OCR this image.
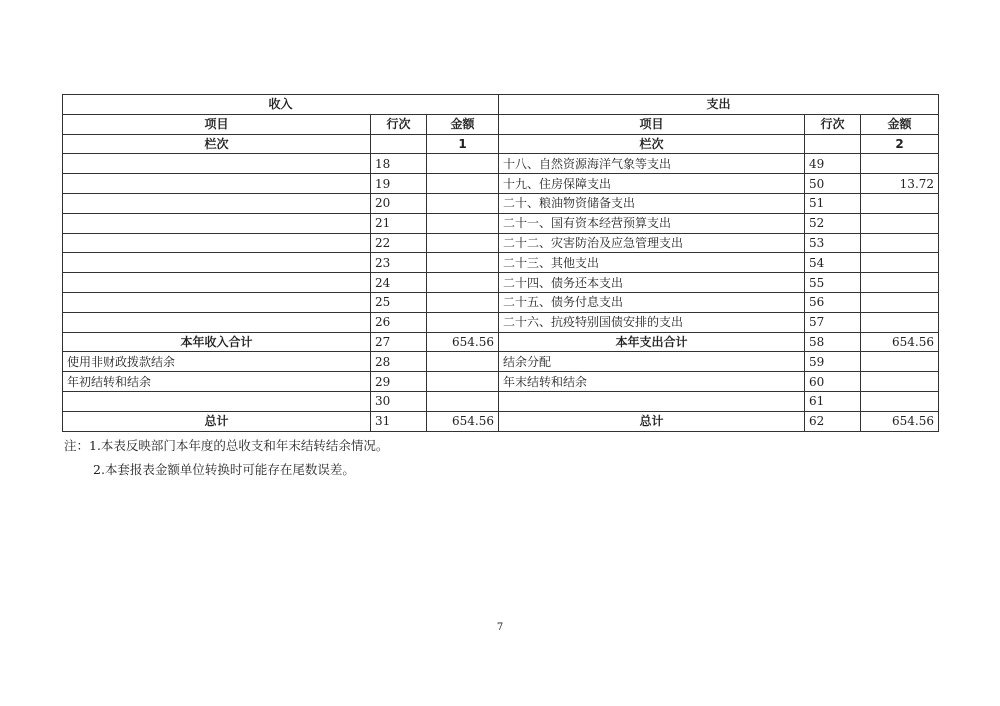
收入			支出		
项目	行次	金额	项目	行次	金额
栏次		1	栏次		2
	18		十八、自然资源海洋气象等支出	49	
	19		十九、住房保障支出	50	13.72
	20		二十、粮油物资储备支出	51	
	21		二十一、国有资本经营预算支出	52	
	22		二十二、灾害防治及应急管理支出	53	
	23		二十三、其他支出	54	
	24		二十四、债务还本支出	55	
	25		二十五、债务付息支出	56	
	26		二十六、抗疫特别国债安排的支出	57	
本年收入合计	27	654.56	本年支出合计	58	654.56
使用非财政拨款结余	28		结余分配	59	
年初结转和结余	29		年末结转和结余	60	
	30			61	
总计	31	654.56	总计	62	654.56
注：1.本表反映部门本年度的总收支和年末结转结余情况。
2.本套报表金额单位转换时可能存在尾数误差。
7
